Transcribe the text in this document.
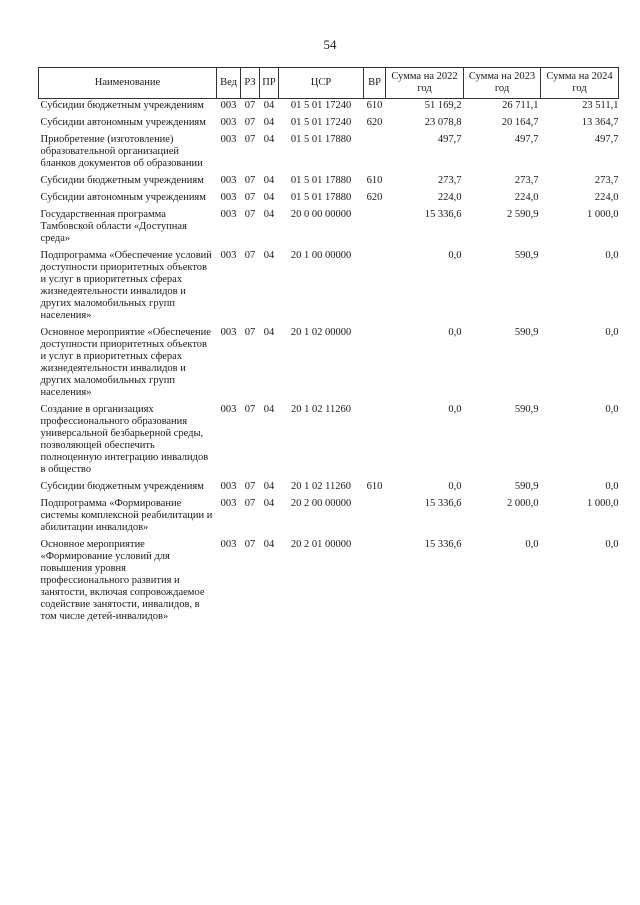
54
Наименование	Вед	РЗ	ПР	ЦСР	ВР	Сумма на 2022 год	Сумма на 2023 год	Сумма на 2024 год
Субсидии бюджетным учреждениям	003	07	04	01 5 01 17240	610	51 169,2	26 711,1	23 511,1
Субсидии автономным учреждениям	003	07	04	01 5 01 17240	620	23 078,8	20 164,7	13 364,7
Приобретение (изготовление) образовательной организацией бланков документов об образовании	003	07	04	01 5 01 17880		497,7	497,7	497,7
Субсидии бюджетным учреждениям	003	07	04	01 5 01 17880	610	273,7	273,7	273,7
Субсидии автономным учреждениям	003	07	04	01 5 01 17880	620	224,0	224,0	224,0
Государственная программа Тамбовской области «Доступная среда»	003	07	04	20 0 00 00000		15 336,6	2 590,9	1 000,0
Подпрограмма «Обеспечение условий доступности приоритетных объектов и услуг в приоритетных сферах жизнедеятельности инвалидов и других маломобильных групп населения»	003	07	04	20 1 00 00000		0,0	590,9	0,0
Основное мероприятие «Обеспечение доступности приоритетных объектов и услуг в приоритетных сферах жизнедеятельности инвалидов и других маломобильных групп населения»	003	07	04	20 1 02 00000		0,0	590,9	0,0
Создание в организациях профессионального образования универсальной безбарьерной среды, позволяющей обеспечить полноценную интеграцию инвалидов в общество	003	07	04	20 1 02 11260		0,0	590,9	0,0
Субсидии бюджетным учреждениям	003	07	04	20 1 02 11260	610	0,0	590,9	0,0
Подпрограмма «Формирование системы комплексной реабилитации и абилитации инвалидов»	003	07	04	20 2 00 00000		15 336,6	2 000,0	1 000,0
Основное мероприятие «Формирование условий для повышения уровня профессионального развития и занятости, включая сопровождаемое содействие занятости, инвалидов, в том числе детей-инвалидов»	003	07	04	20 2 01 00000		15 336,6	0,0	0,0
